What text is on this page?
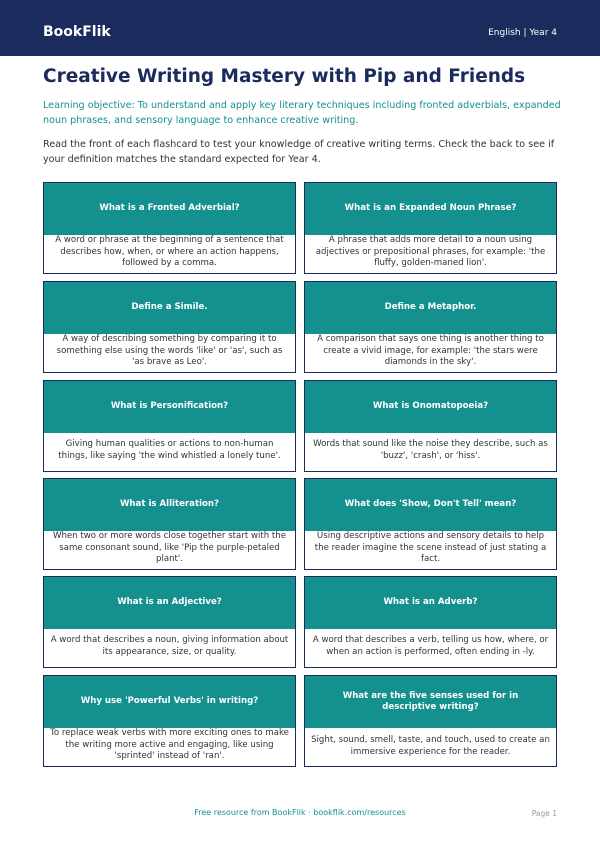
BookFlik	English | Year 4
Creative Writing Mastery with Pip and Friends
Learning objective: To understand and apply key literary techniques including fronted adverbials, expanded noun phrases, and sensory language to enhance creative writing.
Read the front of each flashcard to test your knowledge of creative writing terms. Check the back to see if your definition matches the standard expected for Year 4.
What is a Fronted Adverbial?
A word or phrase at the beginning of a sentence that describes how, when, or where an action happens, followed by a comma.
What is an Expanded Noun Phrase?
A phrase that adds more detail to a noun using adjectives or prepositional phrases, for example: 'the fluffy, golden-maned lion'.
Define a Simile.
A way of describing something by comparing it to something else using the words 'like' or 'as', such as 'as brave as Leo'.
Define a Metaphor.
A comparison that says one thing is another thing to create a vivid image, for example: 'the stars were diamonds in the sky'.
What is Personification?
Giving human qualities or actions to non-human things, like saying 'the wind whistled a lonely tune'.
What is Onomatopoeia?
Words that sound like the noise they describe, such as 'buzz', 'crash', or 'hiss'.
What is Alliteration?
When two or more words close together start with the same consonant sound, like 'Pip the purple-petaled plant'.
What does 'Show, Don't Tell' mean?
Using descriptive actions and sensory details to help the reader imagine the scene instead of just stating a fact.
What is an Adjective?
A word that describes a noun, giving information about its appearance, size, or quality.
What is an Adverb?
A word that describes a verb, telling us how, where, or when an action is performed, often ending in -ly.
Why use 'Powerful Verbs' in writing?
To replace weak verbs with more exciting ones to make the writing more active and engaging, like using 'sprinted' instead of 'ran'.
What are the five senses used for in descriptive writing?
Sight, sound, smell, taste, and touch, used to create an immersive experience for the reader.
Free resource from BookFlik · bookflik.com/resources	Page 1
